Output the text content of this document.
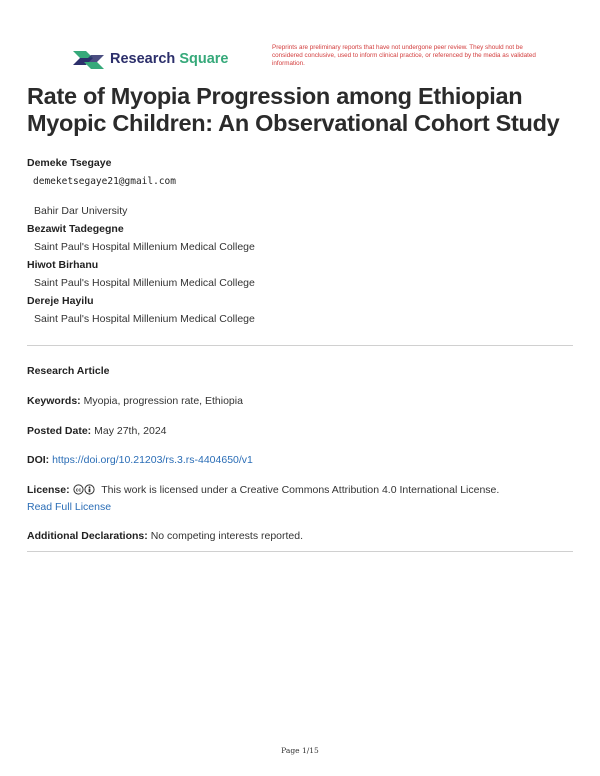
Research Square
Preprints are preliminary reports that have not undergone peer review. They should not be considered conclusive, used to inform clinical practice, or referenced by the media as validated information.
Rate of Myopia Progression among Ethiopian Myopic Children: An Observational Cohort Study
Demeke Tsegaye
demeketsegaye21@gmail.com
Bahir Dar University
Bezawit Tadegegne
Saint Paul's Hospital Millenium Medical College
Hiwot Birhanu
Saint Paul's Hospital Millenium Medical College
Dereje Hayilu
Saint Paul's Hospital Millenium Medical College
Research Article
Keywords: Myopia, progression rate, Ethiopia
Posted Date: May 27th, 2024
DOI: https://doi.org/10.21203/rs.3.rs-4404650/v1
License: cc This work is licensed under a Creative Commons Attribution 4.0 International License.
Read Full License
Additional Declarations: No competing interests reported.
Page 1/15
